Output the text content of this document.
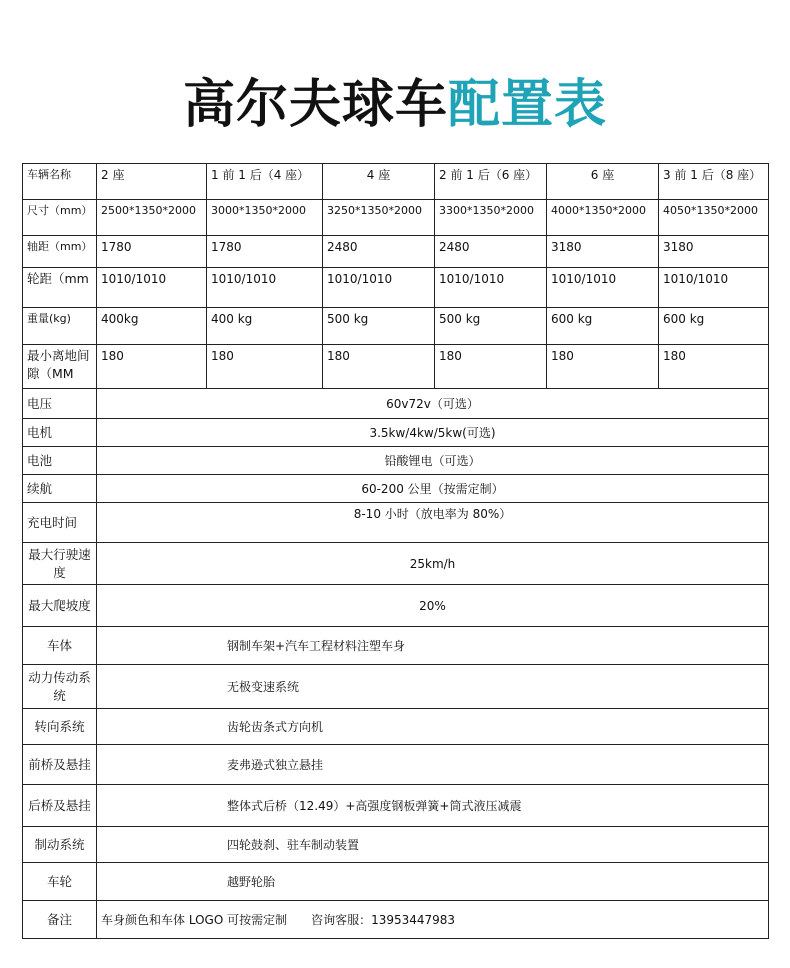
高尔夫球车配置表
车辆名称	2 座	1 前 1 后（4 座）	4 座	2 前 1 后（6 座）	6 座	3 前 1 后（8 座）
尺寸（mm）	2500*1350*2000	3000*1350*2000	3250*1350*2000	3300*1350*2000	4000*1350*2000	4050*1350*2000
轴距（mm）	1780	1780	2480	2480	3180	3180
轮距（mm	1010/1010	1010/1010	1010/1010	1010/1010	1010/1010	1010/1010
重量(kg)	400kg	400 kg	500 kg	500 kg	600 kg	600 kg
最小离地间隙（MM	180	180	180	180	180	180
电压	60v72v（可选）					
电机	3.5kw/4kw/5kw(可选)					
电池	铅酸锂电（可选）					
续航	60-200 公里（按需定制）					
充电时间	8-10 小时（放电率为 80%）					
最大行驶速度	25km/h					
最大爬坡度	20%					
车体	钢制车架+汽车工程材料注塑车身					
动力传动系统	无极变速系统					
转向系统	齿轮齿条式方向机					
前桥及悬挂	麦弗逊式独立悬挂					
后桥及悬挂	整体式后桥（12.49）+高强度钢板弹簧+筒式液压减震					
制动系统	四轮鼓刹、驻车制动装置					
车轮	越野轮胎					
备注	车身颜色和车体 LOGO 可按需定制　　咨询客服：13953447983					
